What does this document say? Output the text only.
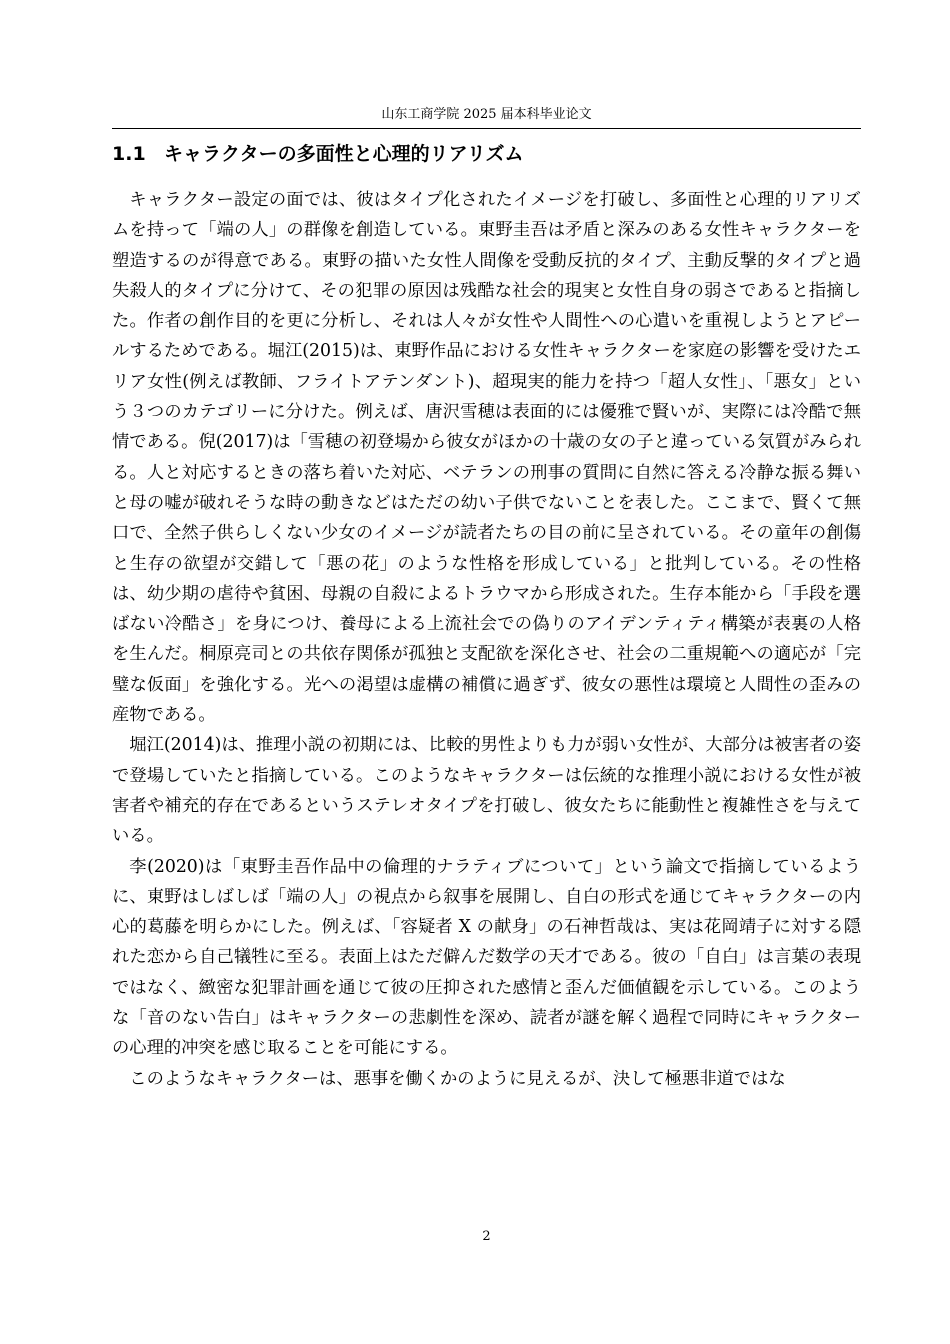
山东工商学院 2025 届本科毕业论文
1.1 キャラクターの多面性と心理的リアリズム

キャラクター設定の面では、彼はタイプ化されたイメージを打破し、多面性と心理的リアリズムを持って「端の人」の群像を創造している。東野圭吾は矛盾と深みのある女性キャラクターを塑造するのが得意である。東野の描いた女性人間像を受動反抗的タイプ、主動反撃的タイプと過失殺人的タイプに分けて、その犯罪の原因は残酷な社会的現実と女性自身の弱さであると指摘した。作者の創作目的を更に分析し、それは人々が女性や人間性への心遣いを重視しようとアピールするためである。堀江(2015)は、東野作品における女性キャラクターを家庭の影響を受けたエリア女性(例えば教師、フライトアテンダント)、超現実的能力を持つ「超人女性」、「悪女」という３つのカテゴリーに分けた。例えば、唐沢雪穂は表面的には優雅で賢いが、実際には冷酷で無情である。倪(2017)は「雪穂の初登場から彼女がほかの十歳の女の子と違っている気質がみられる。人と対応するときの落ち着いた対応、ベテランの刑事の質問に自然に答える冷静な振る舞いと母の嘘が破れそうな時の動きなどはただの幼い子供でないことを表した。ここまで、賢くて無口で、全然子供らしくない少女のイメージが読者たちの目の前に呈されている。その童年の創傷と生存の欲望が交錯して「悪の花」のような性格を形成している」と批判している。その性格は、幼少期の虐待や貧困、母親の自殺によるトラウマから形成された。生存本能から「手段を選ばない冷酷さ」を身につけ、養母による上流社会での偽りのアイデンティティ構築が表裏の人格を生んだ。桐原亮司との共依存関係が孤独と支配欲を深化させ、社会の二重規範への適応が「完璧な仮面」を強化する。光への渇望は虚構の補償に過ぎず、彼女の悪性は環境と人間性の歪みの産物である。

堀江(2014)は、推理小説の初期には、比較的男性よりも力が弱い女性が、大部分は被害者の姿で登場していたと指摘している。このようなキャラクターは伝統的な推理小説における女性が被害者や補充的存在であるというステレオタイプを打破し、彼女たちに能動性と複雑性さを与えている。

李(2020)は「東野圭吾作品中の倫理的ナラティブについて」という論文で指摘しているように、東野はしばしば「端の人」の視点から叙事を展開し、自白の形式を通じてキャラクターの内心的葛藤を明らかにした。例えば、「容疑者 X の献身」の石神哲哉は、実は花岡靖子に対する隠れた恋から自己犠牲に至る。表面上はただ僻んだ数学の天才である。彼の「自白」は言葉の表現ではなく、緻密な犯罪計画を通じて彼の圧抑された感情と歪んだ価値観を示している。このような「音のない告白」はキャラクターの悲劇性を深め、読者が謎を解く過程で同時にキャラクターの心理的冲突を感じ取ることを可能にする。

このようなキャラクターは、悪事を働くかのように見えるが、決して極悪非道ではな

2
